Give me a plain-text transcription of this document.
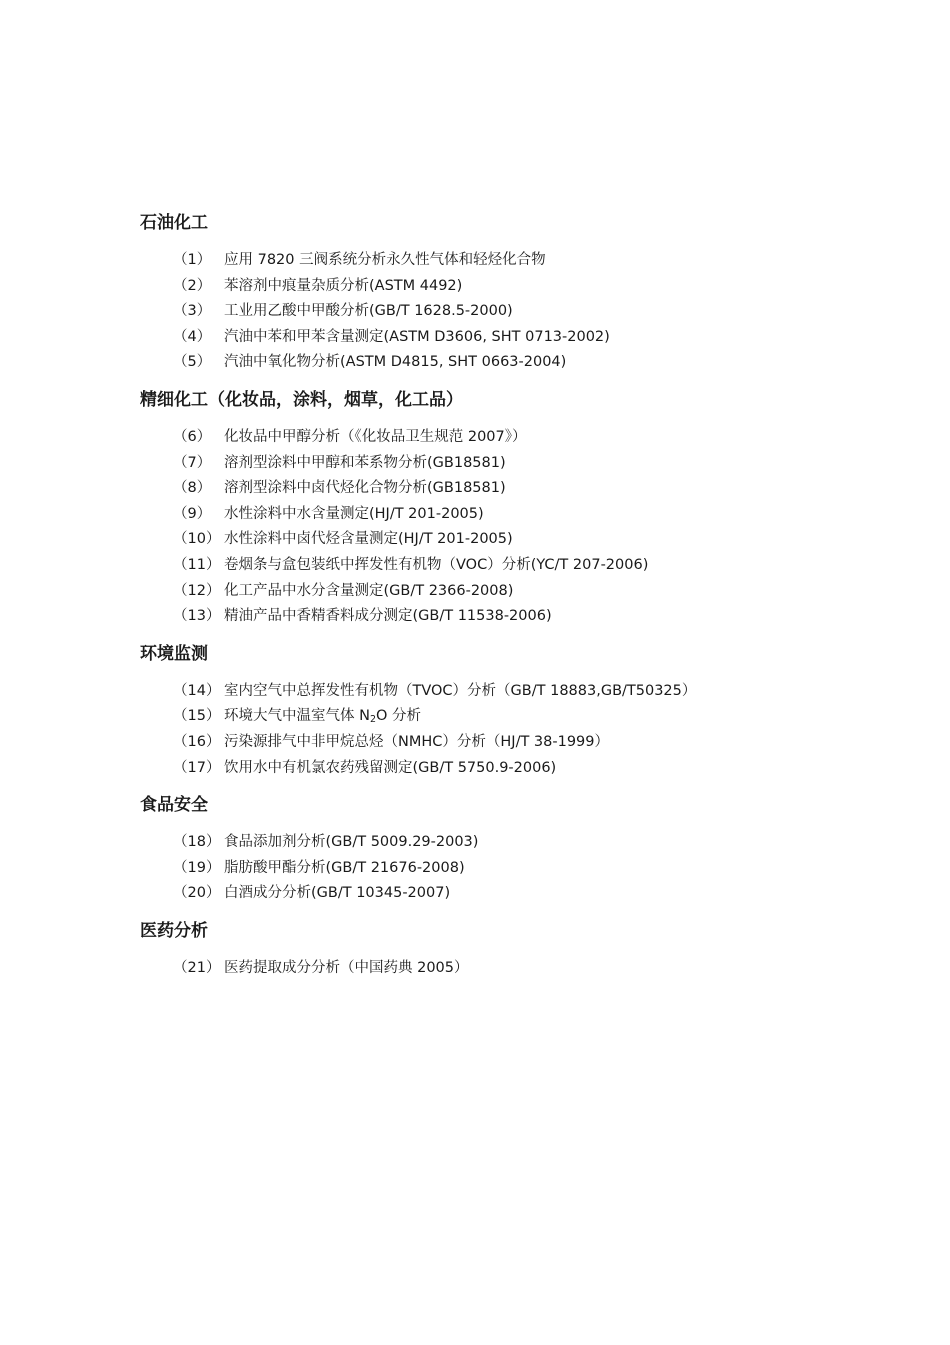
石油化工
（1） 应用 7820 三阀系统分析永久性气体和轻烃化合物
（2） 苯溶剂中痕量杂质分析(ASTM 4492)
（3） 工业用乙酸中甲酸分析(GB/T 1628.5-2000)
（4） 汽油中苯和甲苯含量测定(ASTM D3606, SHT 0713-2002)
（5） 汽油中氧化物分析(ASTM D4815, SHT 0663-2004)
精细化工（化妆品，涂料，烟草，化工品）
（6） 化妆品中甲醇分析（《化妆品卫生规范 2007》）
（7） 溶剂型涂料中甲醇和苯系物分析(GB18581)
（8） 溶剂型涂料中卤代烃化合物分析(GB18581)
（9） 水性涂料中水含量测定(HJ/T 201-2005)
（10） 水性涂料中卤代烃含量测定(HJ/T 201-2005)
（11） 卷烟条与盒包装纸中挥发性有机物（VOC）分析(YC/T 207-2006)
（12） 化工产品中水分含量测定(GB/T 2366-2008)
（13） 精油产品中香精香料成分测定(GB/T 11538-2006)
环境监测
（14） 室内空气中总挥发性有机物（TVOC）分析（GB/T 18883,GB/T50325）
（15） 环境大气中温室气体 $N_2O$ 分析
（16） 污染源排气中非甲烷总烃（NMHC）分析（HJ/T 38-1999）
（17） 饮用水中有机氯农药残留测定(GB/T 5750.9-2006)
食品安全
（18） 食品添加剂分析(GB/T 5009.29-2003)
（19） 脂肪酸甲酯分析(GB/T 21676-2008)
（20） 白酒成分分析(GB/T 10345-2007)
医药分析
（21） 医药提取成分分析（中国药典 2005）
